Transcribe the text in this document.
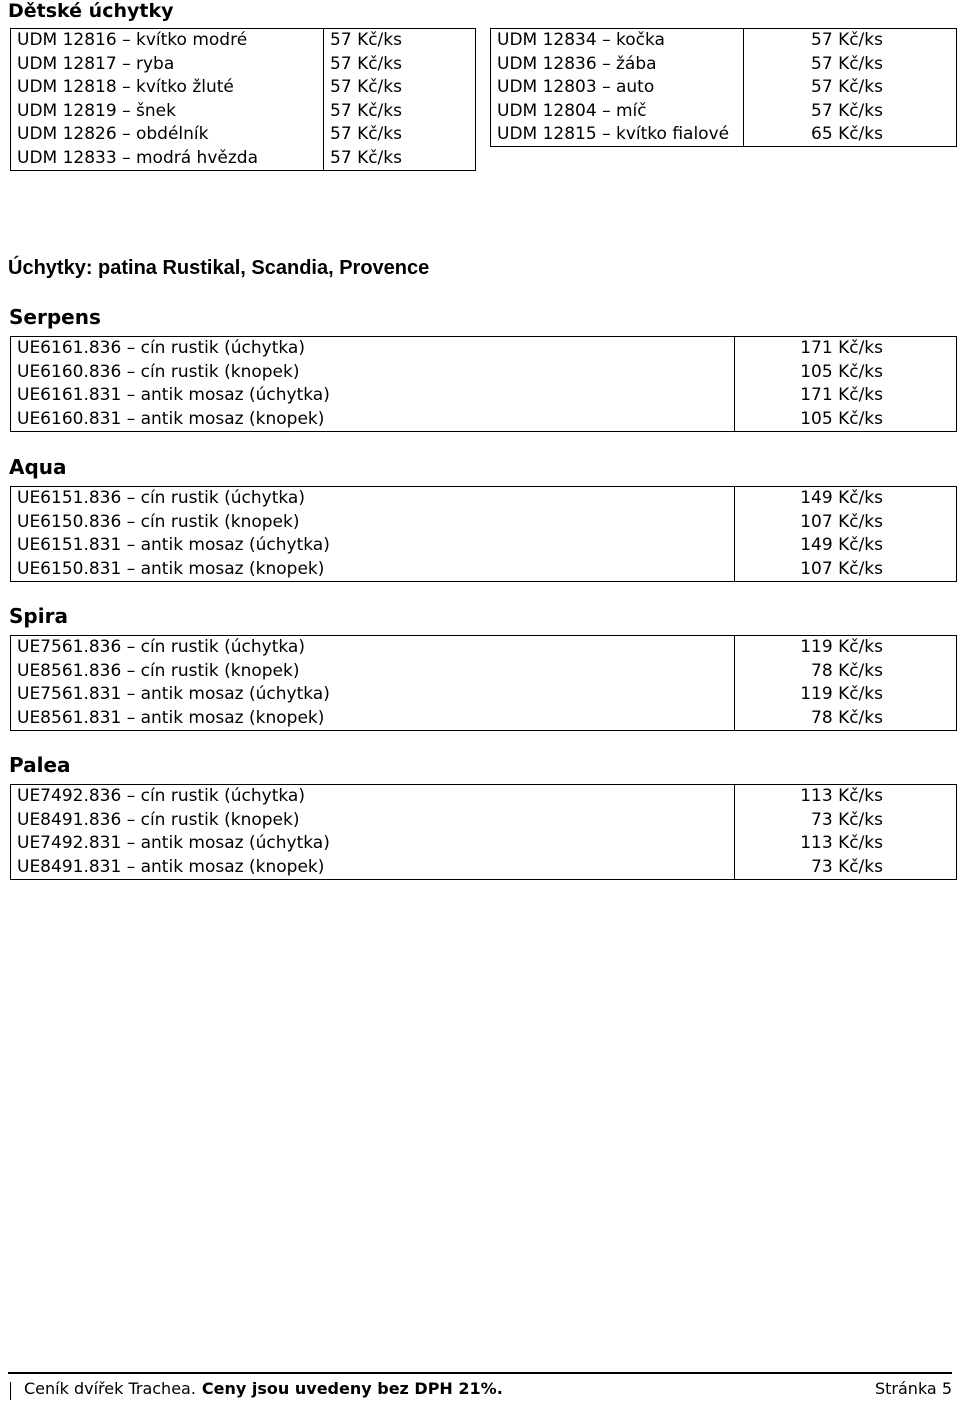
Dětské úchytky
UDM 12816 – kvítko modré	57 Kč/ks
UDM 12817 – ryba	57 Kč/ks
UDM 12818 – kvítko žluté	57 Kč/ks
UDM 12819 – šnek	57 Kč/ks
UDM 12826 – obdélník	57 Kč/ks
UDM 12833 – modrá hvězda	57 Kč/ks
UDM 12834 – kočka	57 Kč/ks
UDM 12836 – žába	57 Kč/ks
UDM 12803 – auto	57 Kč/ks
UDM 12804 – míč	57 Kč/ks
UDM 12815 – kvítko fialové	65 Kč/ks
Úchytky: patina Rustikal, Scandia, Provence
Serpens
UE6161.836 – cín rustik (úchytka)	171 Kč/ks
UE6160.836 – cín rustik (knopek)	105 Kč/ks
UE6161.831 – antik mosaz (úchytka)	171 Kč/ks
UE6160.831 – antik mosaz (knopek)	105 Kč/ks
Aqua
UE6151.836 – cín rustik (úchytka)	149 Kč/ks
UE6150.836 – cín rustik (knopek)	107 Kč/ks
UE6151.831 – antik mosaz (úchytka)	149 Kč/ks
UE6150.831 – antik mosaz (knopek)	107 Kč/ks
Spira
UE7561.836 – cín rustik (úchytka)	119 Kč/ks
UE8561.836 – cín rustik (knopek)	78 Kč/ks
UE7561.831 – antik mosaz (úchytka)	119 Kč/ks
UE8561.831 – antik mosaz (knopek)	78 Kč/ks
Palea
UE7492.836 – cín rustik (úchytka)	113 Kč/ks
UE8491.836 – cín rustik (knopek)	73 Kč/ks
UE7492.831 – antik mosaz (úchytka)	113 Kč/ks
UE8491.831 – antik mosaz (knopek)	73 Kč/ks
Ceník dvířek Trachea. Ceny jsou uvedeny bez DPH 21%.	Stránka 5
